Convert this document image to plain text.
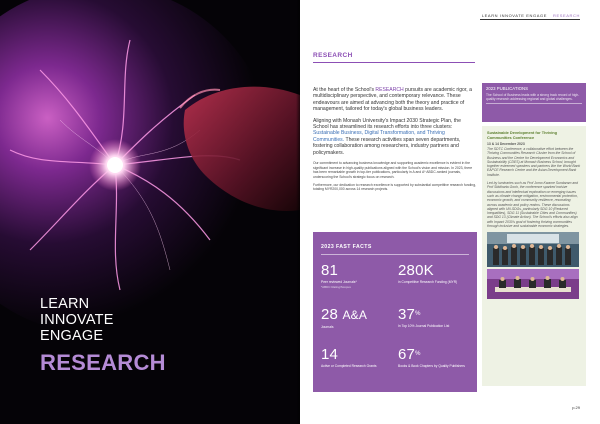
LEARN
INNOVATE
ENGAGE
RESEARCH
LEARN INNOVATE ENGAGE RESEARCH
RESEARCH

At the heart of the School's RESEARCH pursuits are academic rigor, a multidisciplinary perspective, and contemporary relevance. These endeavours are aimed at advancing both the theory and practice of management, tailored for today's global business leaders.

Aligning with Monash University's Impact 2030 Strategic Plan, the School has streamlined its research efforts into three clusters: Sustainable Business, Digital Transformation, and Thriving Communities. These research activities span seven departments, fostering collaboration among researchers, industry partners and policymakers.

Our commitment to advancing business knowledge and supporting academic excellence is evident in the significant increase in high-quality publications aligned with the School's vision and mission. In 2023, there has been remarkable growth in top-tier publications, particularly in A and A* ABDC-ranked journals, underscoring the School's strategic focus on research.

Furthermore, our dedication to research excellence is supported by substantial competitive research funding, totaling MYR200,000 across 14 research projects.

2023 FAST FACTS
81
Peer reviewed Journals*
*ABDC Rating/Scopus
280K
in Competitive Research Funding (MYR)
28 A&A
Journals
37%
In Top 10% Journal Publication List
14
Active or Completed Research Grants
67%
Books & Book Chapters by Quality Publishers
2023 PUBLICATIONS
The School of Business leads with a strong track record of high-quality research addressing regional and global challenges.
Sustainable Development for Thriving Communities Conference
13 & 14 December 2023
The SDTC Conference, a collaborative effort between the Thriving Communities Research Cluster from the School of Business and the Centre for Development Economics and Sustainability (CDES) at Monash Business School, brought together esteemed speakers and partners like the World Bank EAPCE Research Centre and the Asian Development Bank Institute.
Led by luminaries such as Prof Jomo Kwame Sundaram and Prof Siddharta Gooh, the conference sparked incisive discussions and intellectual exploration on emerging issues such as climate change mitigation, environmental protection, economic growth, and community resilience, resonating across academic and policy realms. These discussions aligned with UN-SDGs, particularly SDG 10 (Reduced Inequalities), SDG 11 (Sustainable Cities and Communities) and SDG 13 (Climate Action). The School's efforts also align with Impact 2030's goal of fostering thriving communities through inclusive and sustainable economic strategies.
p.29
